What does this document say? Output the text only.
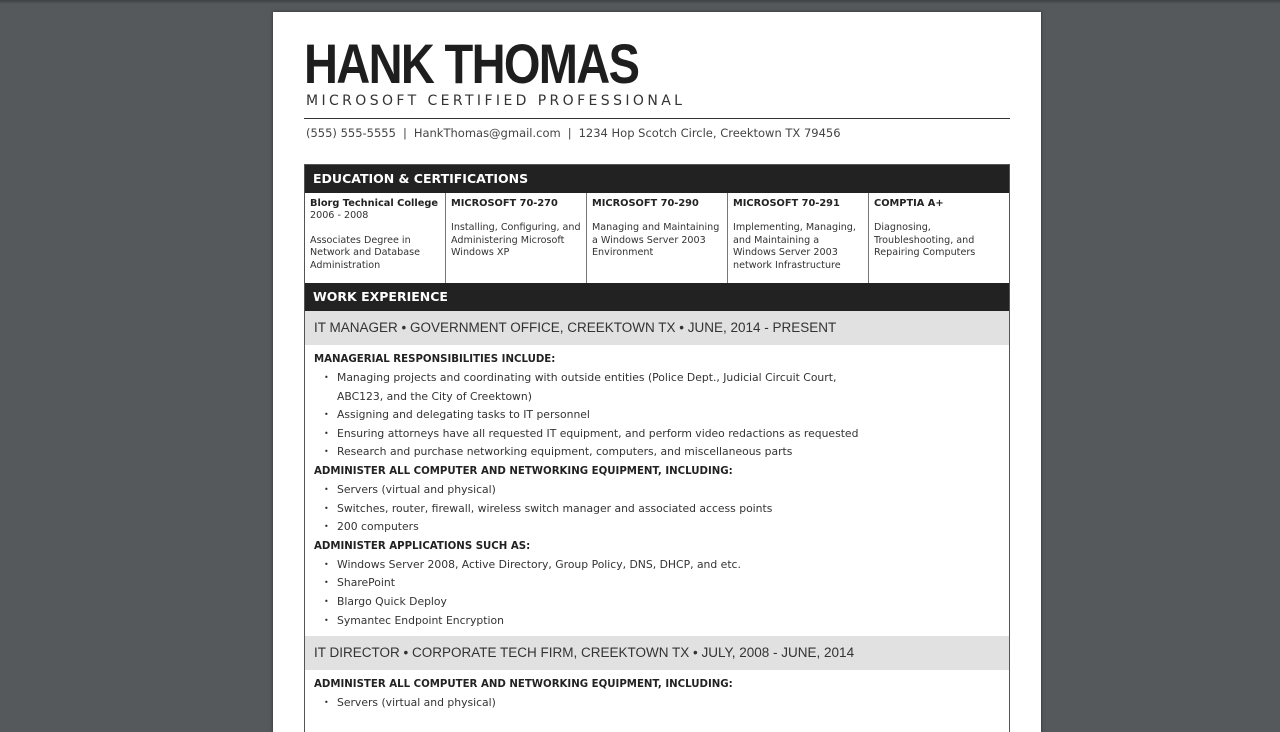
HANK THOMAS
MICROSOFT CERTIFIED PROFESSIONAL
(555) 555-5555 | HankThomas@gmail.com | 1234 Hop Scotch Circle, Creektown TX 79456
EDUCATION & CERTIFICATIONS
Blorg Technical College
2006 - 2008
Associates Degree in Network and Database Administration
MICROSOFT 70-270
Installing, Configuring, and Administering Microsoft Windows XP
MICROSOFT 70-290
Managing and Maintaining a Windows Server 2003 Environment
MICROSOFT 70-291
Implementing, Managing, and Maintaining a Windows Server 2003 network Infrastructure
COMPTIA A+
Diagnosing, Troubleshooting, and Repairing Computers
WORK EXPERIENCE
IT MANAGER • GOVERNMENT OFFICE, CREEKTOWN TX • JUNE, 2014 - PRESENT
MANAGERIAL RESPONSIBILITIES INCLUDE:
• Managing projects and coordinating with outside entities (Police Dept., Judicial Circuit Court, ABC123, and the City of Creektown)
• Assigning and delegating tasks to IT personnel
• Ensuring attorneys have all requested IT equipment, and perform video redactions as requested
• Research and purchase networking equipment, computers, and miscellaneous parts
ADMINISTER ALL COMPUTER AND NETWORKING EQUIPMENT, INCLUDING:
• Servers (virtual and physical)
• Switches, router, firewall, wireless switch manager and associated access points
• 200 computers
ADMINISTER APPLICATIONS SUCH AS:
• Windows Server 2008, Active Directory, Group Policy, DNS, DHCP, and etc.
• SharePoint
• Blargo Quick Deploy
• Symantec Endpoint Encryption
IT DIRECTOR • CORPORATE TECH FIRM, CREEKTOWN TX • JULY, 2008 - JUNE, 2014
ADMINISTER ALL COMPUTER AND NETWORKING EQUIPMENT, INCLUDING:
• Servers (virtual and physical)
